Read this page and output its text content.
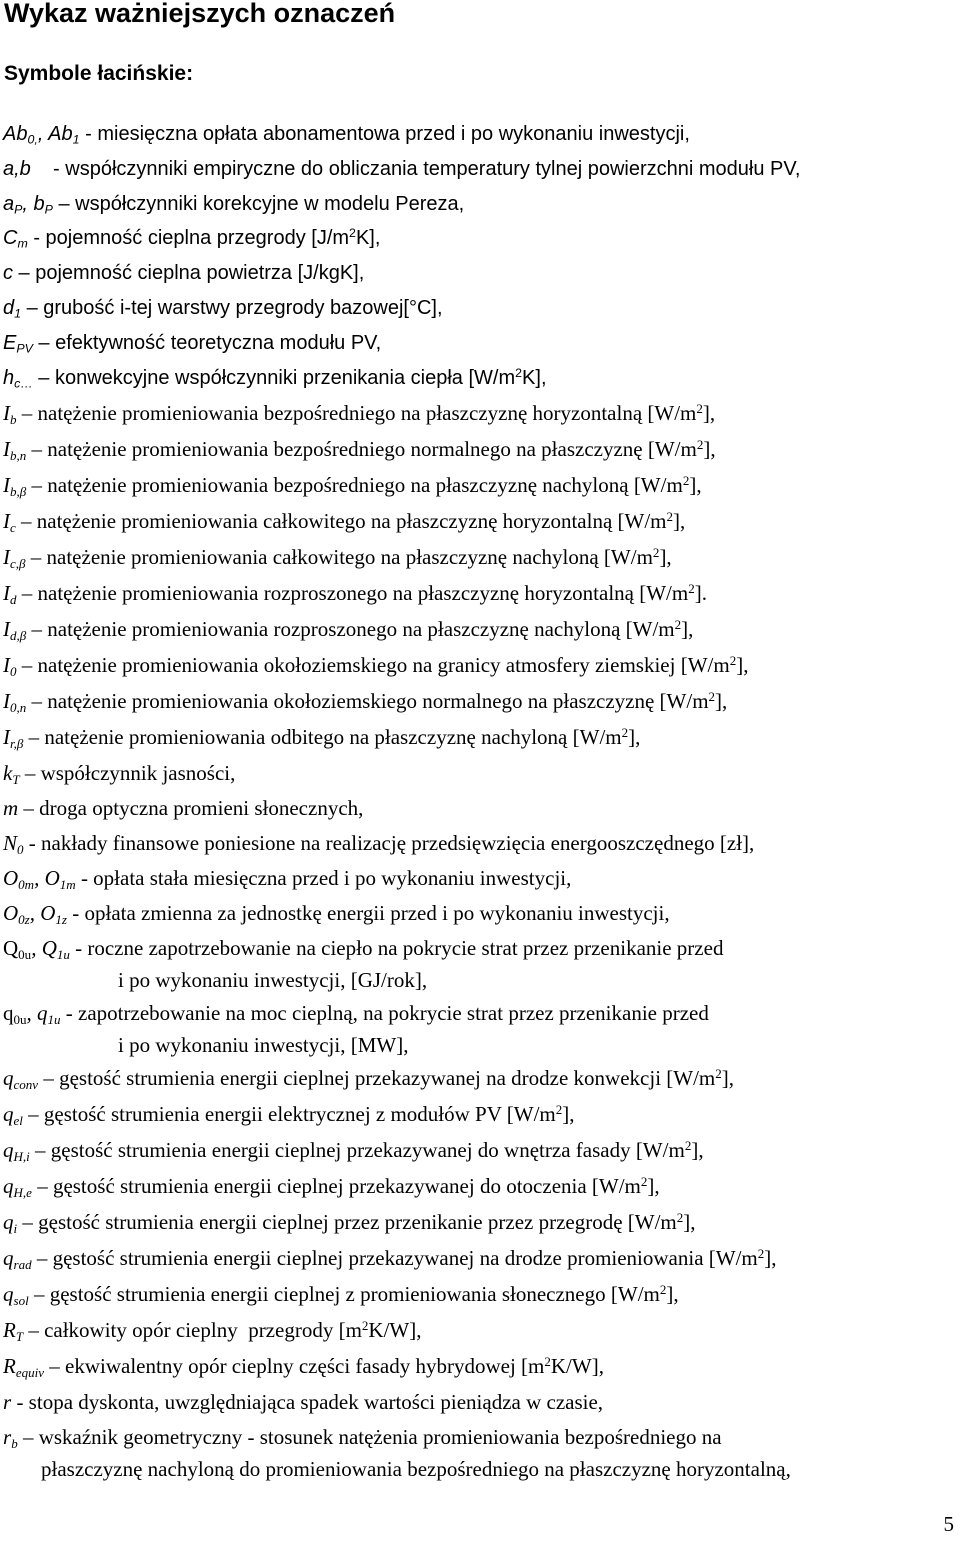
Wykaz ważniejszych oznaczeń
Symbole łacińskie:
$Ab_{0,}$, $Ab_1$ - miesięczna opłata abonamentowa przed i po wykonaniu inwestycji,
a,b    - współczynniki empiryczne do obliczania temperatury tylnej powierzchni modułu PV,
$a_P$, $b_P$ – współczynniki korekcyjne w modelu Pereza,
$C_m$ - pojemność cieplna przegrody $[J/m^2K]$,
c – pojemność cieplna powietrza [J/kgK],
$d_1$ – grubość i-tej warstwy przegrody bazowej[°C],
$E_{PV}$ – efektywność teoretyczna modułu PV,
$h_{c\dots}$ – konwekcyjne współczynniki przenikania ciepła $[W/m^2K]$,
$I_b$ – natężenie promieniowania bezpośredniego na płaszczyznę horyzontalną $[W/m^2]$,
$I_{b,n}$ – natężenie promieniowania bezpośredniego normalnego na płaszczyznę $[W/m^2]$,
$I_{b,\beta}$ – natężenie promieniowania bezpośredniego na płaszczyznę nachyloną $[W/m^2]$,
$I_c$ – natężenie promieniowania całkowitego na płaszczyznę horyzontalną $[W/m^2]$,
$I_{c,\beta}$ – natężenie promieniowania całkowitego na płaszczyznę nachyloną $[W/m^2]$,
$I_d$ – natężenie promieniowania rozproszonego na płaszczyznę horyzontalną $[W/m^2]$.
$I_{d,\beta}$ – natężenie promieniowania rozproszonego na płaszczyznę nachyloną $[W/m^2]$,
$I_0$ – natężenie promieniowania okołoziemskiego na granicy atmosfery ziemskiej $[W/m^2]$,
$I_{0,n}$ – natężenie promieniowania okołoziemskiego normalnego na płaszczyznę $[W/m^2]$,
$I_{r,\beta}$ – natężenie promieniowania odbitego na płaszczyznę nachyloną $[W/m^2]$,
$k_T$ – współczynnik jasności,
m – droga optyczna promieni słonecznych,
$N_0$ - nakłady finansowe poniesione na realizację przedsięwzięcia energooszczędnego [zł],
$O_{0m}$, $O_{1m}$ - opłata stała miesięczna przed i po wykonaniu inwestycji,
$O_{0z}$, $O_{1z}$ - opłata zmienna za jednostkę energii przed i po wykonaniu inwestycji,
$Q_{0u}$, $Q_{1u}$ - roczne zapotrzebowanie na ciepło na pokrycie strat przez przenikanie przed
i po wykonaniu inwestycji, [GJ/rok],
$q_{0u}$, $q_{1u}$ - zapotrzebowanie na moc cieplną, na pokrycie strat przez przenikanie przed
i po wykonaniu inwestycji, [MW],
$q_{conv}$ – gęstość strumienia energii cieplnej przekazywanej na drodze konwekcji $[W/m^2]$,
$q_{el}$ – gęstość strumienia energii elektrycznej z modułów PV $[W/m^2]$,
$q_{H,i}$ – gęstość strumienia energii cieplnej przekazywanej do wnętrza fasady $[W/m^2]$,
$q_{H,e}$ – gęstość strumienia energii cieplnej przekazywanej do otoczenia $[W/m^2]$,
$q_i$ – gęstość strumienia energii cieplnej przez przenikanie przez przegrodę $[W/m^2]$,
$q_{rad}$ – gęstość strumienia energii cieplnej przekazywanej na drodze promieniowania $[W/m^2]$,
$q_{sol}$ – gęstość strumienia energii cieplnej z promieniowania słonecznego $[W/m^2]$,
$R_T$ – całkowity opór cieplny  przegrody $[m^2K/W]$,
$R_{equiv}$ – ekwiwalentny opór cieplny części fasady hybrydowej $[m^2K/W]$,
r - stopa dyskonta, uwzględniająca spadek wartości pieniądza w czasie,
$r_b$ – wskaźnik geometryczny - stosunek natężenia promieniowania bezpośredniego na
płaszczyznę nachyloną do promieniowania bezpośredniego na płaszczyznę horyzontalną,
5
